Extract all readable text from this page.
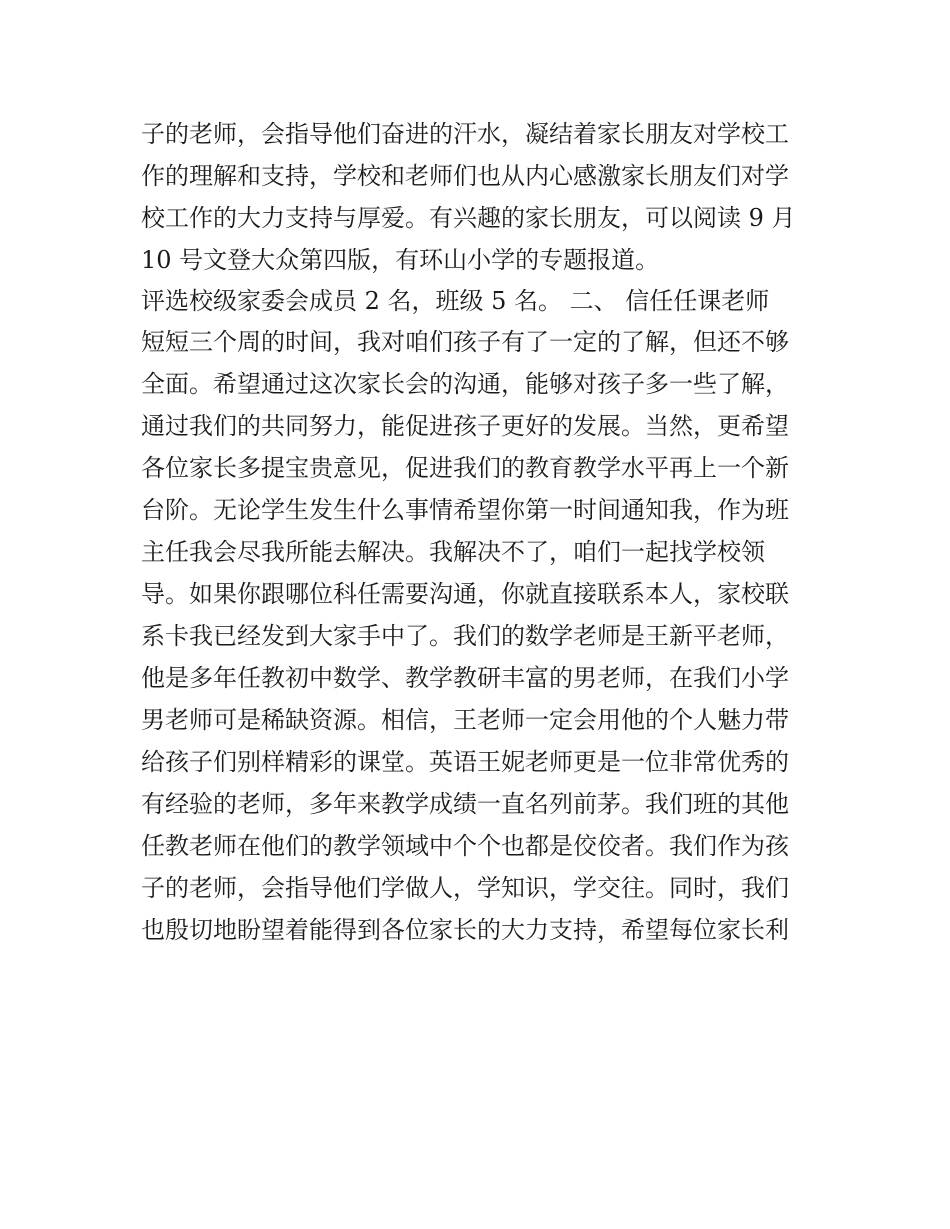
子的老师，会指导他们奋进的汗水，凝结着家长朋友对学校工
作的理解和支持，学校和老师们也从内心感激家长朋友们对学
校工作的大力支持与厚爱。有兴趣的家长朋友，可以阅读 9 月
10 号文登大众第四版，有环山小学的专题报道。
评选校级家委会成员 2 名，班级 5 名。 二、 信任任课老师
短短三个周的时间，我对咱们孩子有了一定的了解，但还不够
全面。希望通过这次家长会的沟通，能够对孩子多一些了解，
通过我们的共同努力，能促进孩子更好的发展。当然，更希望
各位家长多提宝贵意见，促进我们的教育教学水平再上一个新
台阶。无论学生发生什么事情希望你第一时间通知我，作为班
主任我会尽我所能去解决。我解决不了，咱们一起找学校领
导。如果你跟哪位科任需要沟通，你就直接联系本人，家校联
系卡我已经发到大家手中了。我们的数学老师是王新平老师，
他是多年任教初中数学、教学教研丰富的男老师，在我们小学
男老师可是稀缺资源。相信，王老师一定会用他的个人魅力带
给孩子们别样精彩的课堂。英语王妮老师更是一位非常优秀的
有经验的老师，多年来教学成绩一直名列前茅。我们班的其他
任教老师在他们的教学领域中个个也都是佼佼者。我们作为孩
子的老师，会指导他们学做人，学知识，学交往。同时，我们
也殷切地盼望着能得到各位家长的大力支持，希望每位家长利
